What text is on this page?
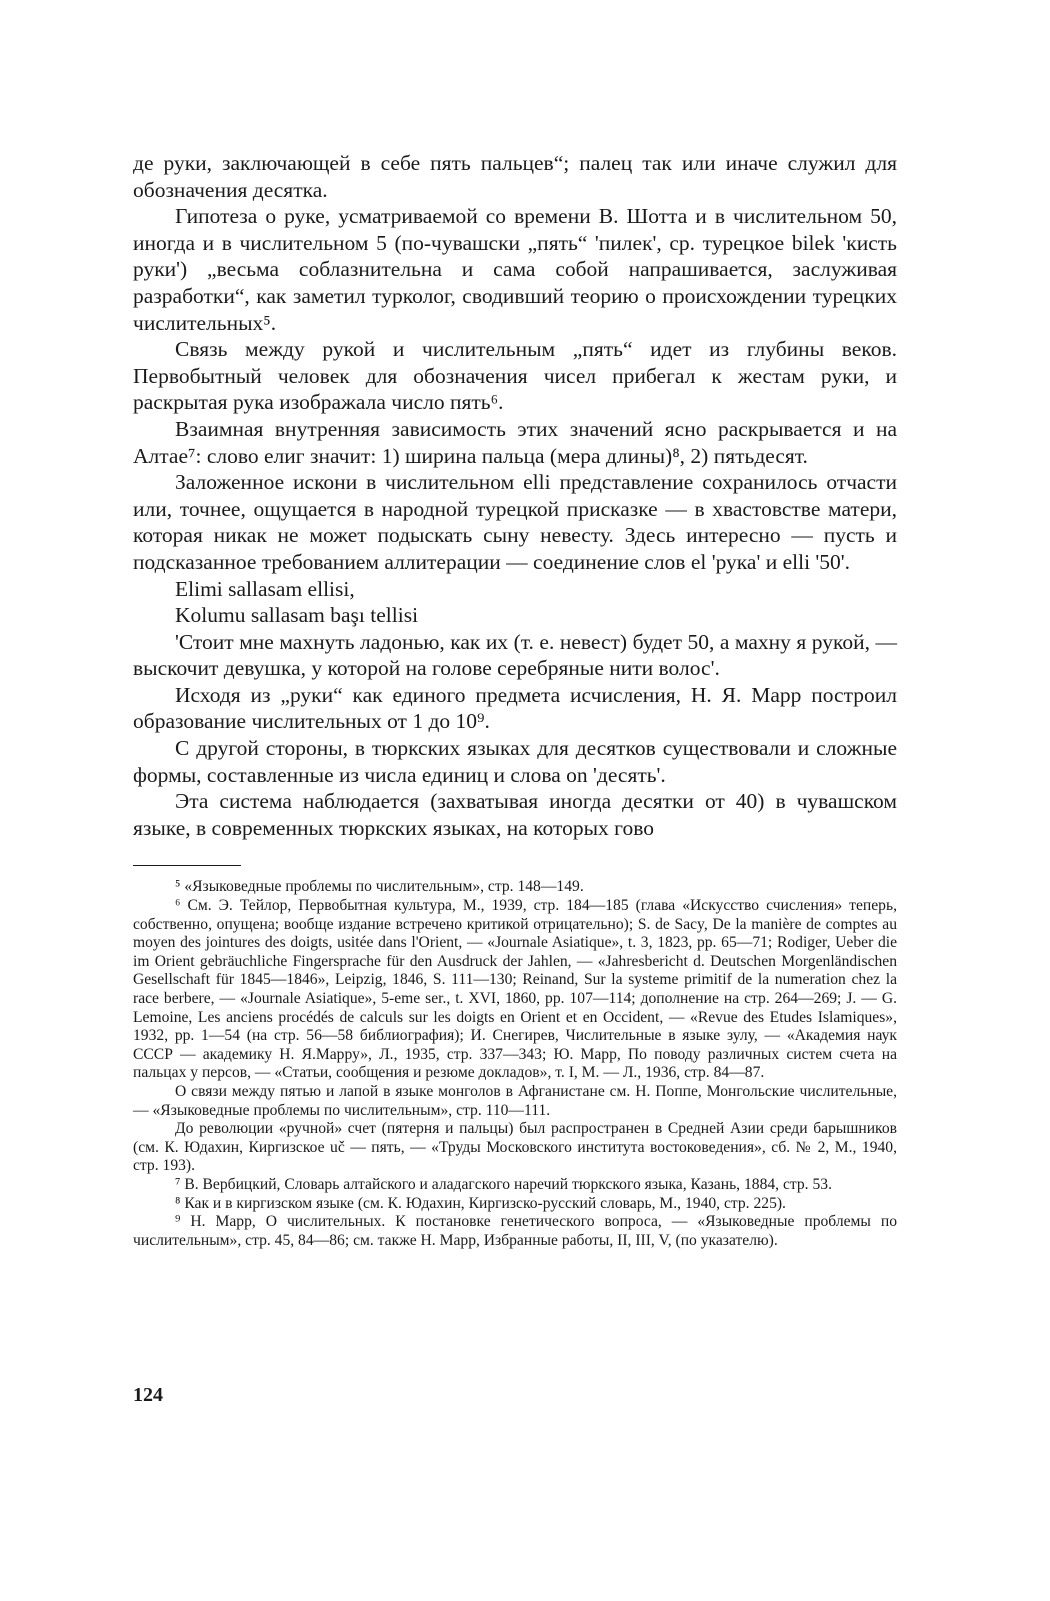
де руки, заключающей в себе пять пальцев“; палец так или иначе служил для обозначения десятка.

Гипотеза о руке, усматриваемой со времени В. Шотта и в числительном 50, иногда и в числительном 5 (по-чувашски „пять“ 'пилек', ср. турецкое bilek 'кисть руки') „весьма соблазнительна и сама собой напрашивается, заслуживая разработки“, как заметил турколог, сводивший теорию о происхождении турецких числительных⁵.

Связь между рукой и числительным „пять“ идет из глубины веков. Первобытный человек для обозначения чисел прибегал к жестам руки, и раскрытая рука изображала число пять⁶.

Взаимная внутренняя зависимость этих значений ясно раскрывается и на Алтае⁷: слово елиг значит: 1) ширина пальца (мера длины)⁸, 2) пятьдесят.

Заложенное искони в числительном elli представление сохранилось отчасти или, точнее, ощущается в народной турецкой присказке — в хвастовстве матери, которая никак не может подыскать сыну невесту. Здесь интересно — пусть и подсказанное требованием аллитерации — соединение слов el 'рука' и elli '50'.

Elimi sallasam ellisi,
Kolumu sallasam başı tellisi

'Стоит мне махнуть ладонью, как их (т. е. невест) будет 50, а махну я рукой, — выскочит девушка, у которой на голове серебряные нити волос'.

Исходя из „руки“ как единого предмета исчисления, Н. Я. Марр построил образование числительных от 1 до 10⁹.

С другой стороны, в тюркских языках для десятков существовали и сложные формы, составленные из числа единиц и слова on 'десять'.

Эта система наблюдается (захватывая иногда десятки от 40) в чувашском языке, в современных тюркских языках, на которых гово

⁵ «Языковедные проблемы по числительным», стр. 148—149.

⁶ См. Э. Тейлор, Первобытная культура, М., 1939, стр. 184—185 (глава «Искусство счисления» теперь, собственно, опущена; вообще издание встречено критикой отрицательно); S. de Sacy, De la manière de comptes au moyen des jointures des doigts, usitée dans l'Orient, — «Journale Asiatique», t. 3, 1823, pp. 65—71; Rodiger, Ueber die im Orient gebräuchliche Fingersprache für den Ausdruck der Jahlen, — «Jahresbericht d. Deutschen Morgenländischen Gesellschaft für 1845—1846», Leipzig, 1846, S. 111—130; Reinand, Sur la systeme primitif de la numeration chez la race berbere, — «Journale Asiatique», 5-eme ser., t. XVI, 1860, pp. 107—114; дополнение на стр. 264—269; J. — G. Lemoine, Les anciens procédés de calculs sur les doigts en Orient et en Occident, — «Revue des Etudes Islamiques», 1932, pp. 1—54 (на стр. 56—58 библиография); И. Снегирев, Числительные в языке зулу, — «Академия наук СССР — академику Н. Я.Марру», Л., 1935, стр. 337—343; Ю. Марр, По поводу различных систем счета на пальцах у персов, — «Статьи, сообщения и резюме докладов», т. I, М. — Л., 1936, стр. 84—87.

О связи между пятью и лапой в языке монголов в Афганистане см. Н. Поппе, Монгольские числительные, — «Языковедные проблемы по числительным», стр. 110—111.

До революции «ручной» счет (пятерня и пальцы) был распространен в Средней Азии среди барышников (см. К. Юдахин, Киргизское uč — пять, — «Труды Московского института востоковедения», сб. № 2, М., 1940, стр. 193).

⁷ В. Вербицкий, Словарь алтайского и аладагского наречий тюркского языка, Казань, 1884, стр. 53.

⁸ Как и в киргизском языке (см. К. Юдахин, Киргизско-русский словарь, М., 1940, стр. 225).

⁹ Н. Марр, О числительных. К постановке генетического вопроса, — «Языковедные проблемы по числительным», стр. 45, 84—86; см. также Н. Марр, Избранные работы, II, III, V, (по указателю).

124
